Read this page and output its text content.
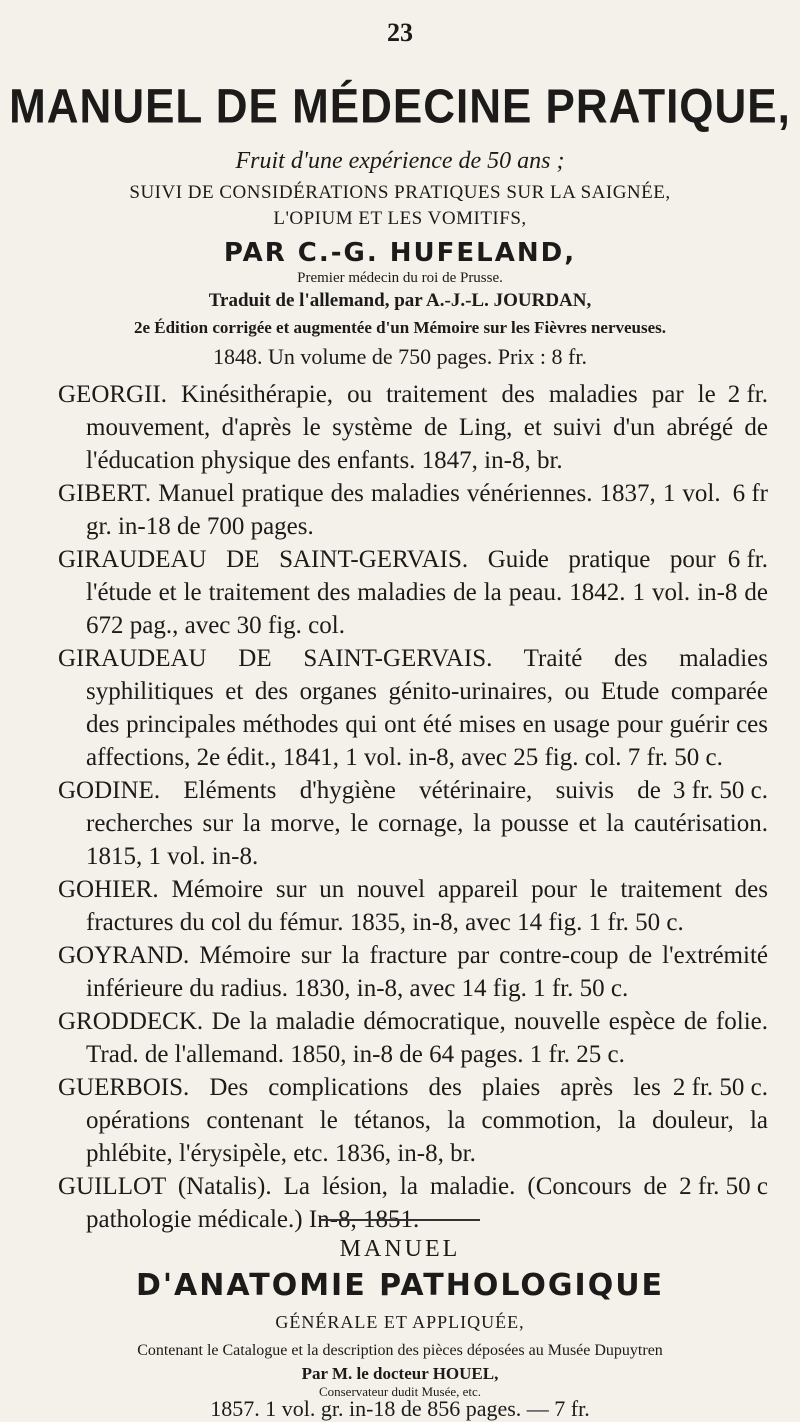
23
MANUEL DE MÉDECINE PRATIQUE,
Fruit d'une expérience de 50 ans ;
SUIVI DE CONSIDÉRATIONS PRATIQUES SUR LA SAIGNÉE,
L'OPIUM ET LES VOMITIFS,
PAR C.-G. HUFELAND,
Premier médecin du roi de Prusse.
Traduit de l'allemand, par A.-J.-L. JOURDAN,
2e Édition corrigée et augmentée d'un Mémoire sur les Fièvres nerveuses.
1848. Un volume de 750 pages. Prix : 8 fr.

2 fr.
GEORGII. Kinésithérapie, ou traitement des maladies par le mouvement, d'après le système de Ling, et suivi d'un abrégé de l'éducation physique des enfants. 1847, in-8, br.

6 fr
GIBERT. Manuel pratique des maladies vénériennes. 1837, 1 vol. gr. in-18 de 700 pages.

6 fr.
GIRAUDEAU DE SAINT-GERVAIS. Guide pratique pour l'étude et le traitement des maladies de la peau. 1842. 1 vol. in-8 de 672 pag., avec 30 fig. col.

GIRAUDEAU DE SAINT-GERVAIS. Traité des maladies syphilitiques et des organes génito-urinaires, ou Etude comparée des principales méthodes qui ont été mises en usage pour guérir ces affections, 2e édit., 1841, 1 vol. in-8, avec 25 fig. col. 7 fr. 50 c.

3 fr. 50 c.
GODINE. Eléments d'hygiène vétérinaire, suivis de recherches sur la morve, le cornage, la pousse et la cautérisation. 1815, 1 vol. in-8.

GOHIER. Mémoire sur un nouvel appareil pour le traitement des fractures du col du fémur. 1835, in-8, avec 14 fig. 1 fr. 50 c.

GOYRAND. Mémoire sur la fracture par contre-coup de l'extrémité inférieure du radius. 1830, in-8, avec 14 fig. 1 fr. 50 c.

GRODDECK. De la maladie démocratique, nouvelle espèce de folie. Trad. de l'allemand. 1850, in-8 de 64 pages. 1 fr. 25 c.

2 fr. 50 c.
GUERBOIS. Des complications des plaies après les opérations contenant le tétanos, la commotion, la douleur, la phlébite, l'érysipèle, etc. 1836, in-8, br.

2 fr. 50 c
GUILLOT (Natalis). La lésion, la maladie. (Concours de pathologie médicale.) In-8, 1851.

MANUEL
D'ANATOMIE PATHOLOGIQUE
GÉNÉRALE ET APPLIQUÉE,
Contenant le Catalogue et la description des pièces déposées au Musée Dupuytren
Par M. le docteur HOUEL,
Conservateur dudit Musée, etc.
1857. 1 vol. gr. in-18 de 856 pages. — 7 fr.
